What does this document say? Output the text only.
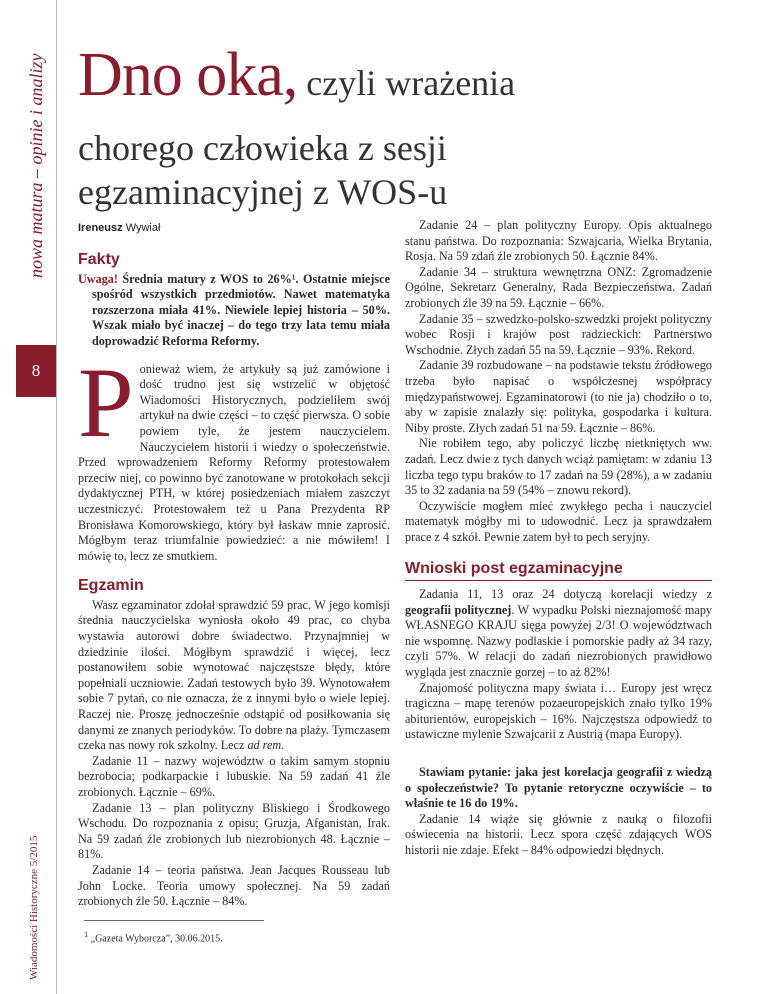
nowa matura – opinie i analizy
8
Wiadomości Historyczne 5/2015
Dno oka, czyli wrażenia
chorego człowieka z sesji
egzaminacyjnej z WOS-u
Ireneusz Wywiał
Fakty

Uwaga! Średnia matury z WOS to 26%¹. Ostatnie miejsce spośród wszystkich przedmiotów. Nawet matematyka rozszerzona miała 41%. Niewiele lepiej historia – 50%. Wszak miało być inaczej – do tego trzy lata temu miała doprowadzić Reforma Reformy.

P onieważ wiem, że artykuły są już zamówione i dość trudno jest się wstrzelić w objętość Wiadomości Historycznych, podzieliłem swój artykuł na dwie części – to część pierwsza. O sobie powiem tyle, że jestem nauczycielem. Nauczycielem historii i wiedzy o społeczeństwie. Przed wprowadzeniem Reformy Reformy protestowałem przeciw niej, co powinno być zanotowane w protokołach sekcji dydaktycznej PTH, w której posiedzeniach miałem zaszczyt uczestniczyć. Protestowałem też u Pana Prezydenta RP Bronisława Komorowskiego, który był łaskaw mnie zaprosić. Mógłbym teraz triumfalnie powiedzieć: a nie mówiłem! I mówię to, lecz ze smutkiem.

Egzamin

Wasz egzaminator zdołał sprawdzić 59 prac. W jego komisji średnia nauczycielska wyniosła około 49 prac, co chyba wystawia autorowi dobre świadectwo. Przynajmniej w dziedzinie ilości. Mógłbym sprawdzić i więcej, lecz postanowiłem sobie wynotować najczęstsze błędy, które popełniali uczniowie. Zadań testowych było 39. Wynotowałem sobie 7 pytań, co nie oznacza, że z innymi było o wiele lepiej. Raczej nie. Proszę jednocześnie odstąpić od posiłkowania się danymi ze znanych periodyków. To dobre na plaży. Tymczasem czeka nas nowy rok szkolny. Lecz ad rem.

Zadanie 11 – nazwy województw o takim samym stopniu bezrobocia; podkarpackie i lubuskie. Na 59 zadań 41 źle zrobionych. Łącznie – 69%.

Zadanie 13 – plan polityczny Bliskiego i Środkowego Wschodu. Do rozpoznania z opisu; Gruzja, Afganistan, Irak. Na 59 zadań źle zrobionych lub niezrobionych 48. Łącznie – 81%.

Zadanie 14 – teoria państwa. Jean Jacques Rousseau lub John Locke. Teoria umowy społecznej. Na 59 zadań zrobionych źle 50. Łącznie – 84%.

$^1$ „Gazeta Wyborcza”, 30.06.2015.

Zadanie 24 – plan polityczny Europy. Opis aktualnego stanu państwa. Do rozpoznania: Szwajcaria, Wielka Brytania, Rosja. Na 59 zdań źle zrobionych 50. Łącznie 84%.

Zadanie 34 – struktura wewnętrzna ONZ: Zgromadzenie Ogólne, Sekretarz Generalny, Rada Bezpieczeństwa. Zadań zrobionych źle 39 na 59. Łącznie – 66%.

Zadanie 35 – szwedzko-polsko-szwedzki projekt polityczny wobec Rosji i krajów post radzieckich: Partnerstwo Wschodnie. Złych zadań 55 na 59. Łącznie – 93%. Rekord.

Zadanie 39 rozbudowane – na podstawie tekstu źródłowego trzeba było napisać o współczesnej współpracy międzypaństwowej. Egzaminatorowi (to nie ja) chodziło o to, aby w zapisie znalazły się: polityka, gospodarka i kultura. Niby proste. Złych zadań 51 na 59. Łącznie – 86%.

Nie robiłem tego, aby policzyć liczbę nietkniętych ww. zadań. Lecz dwie z tych danych wciąż pamiętam: w zdaniu 13 liczba tego typu braków to 17 zadań na 59 (28%), a w zadaniu 35 to 32 zadania na 59 (54% – znowu rekord).

Oczywiście mogłem mieć zwykłego pecha i nauczyciel matematyk mógłby mi to udowodnić. Lecz ja sprawdzałem prace z 4 szkół. Pewnie zatem był to pech seryjny.

Wnioski post egzaminacyjne

Zadania 11, 13 oraz 24 dotyczą korelacji wiedzy z geografii politycznej. W wypadku Polski nieznajomość mapy WŁASNEGO KRAJU sięga powyżej 2/3! O województwach nie wspomnę. Nazwy podlaskie i pomorskie padły aż 34 razy, czyli 57%. W relacji do zadań niezrobionych prawidłowo wygląda jest znacznie gorzej – to aż 82%!

Znajomość polityczna mapy świata i… Europy jest wręcz tragiczna – mapę terenów pozaeuropejskich znało tylko 19% abiturientów, europejskich – 16%. Najczęstsza odpowiedź to ustawiczne mylenie Szwajcarii z Austrią (mapa Europy).

Stawiam pytanie: jaka jest korelacja geografii z wiedzą o społeczeństwie? To pytanie retoryczne oczywiście – to właśnie te 16 do 19%.

Zadanie 14 wiąże się głównie z nauką o filozofii oświecenia na historii. Lecz spora część zdających WOS historii nie zdaje. Efekt – 84% odpowiedzi błędnych.
